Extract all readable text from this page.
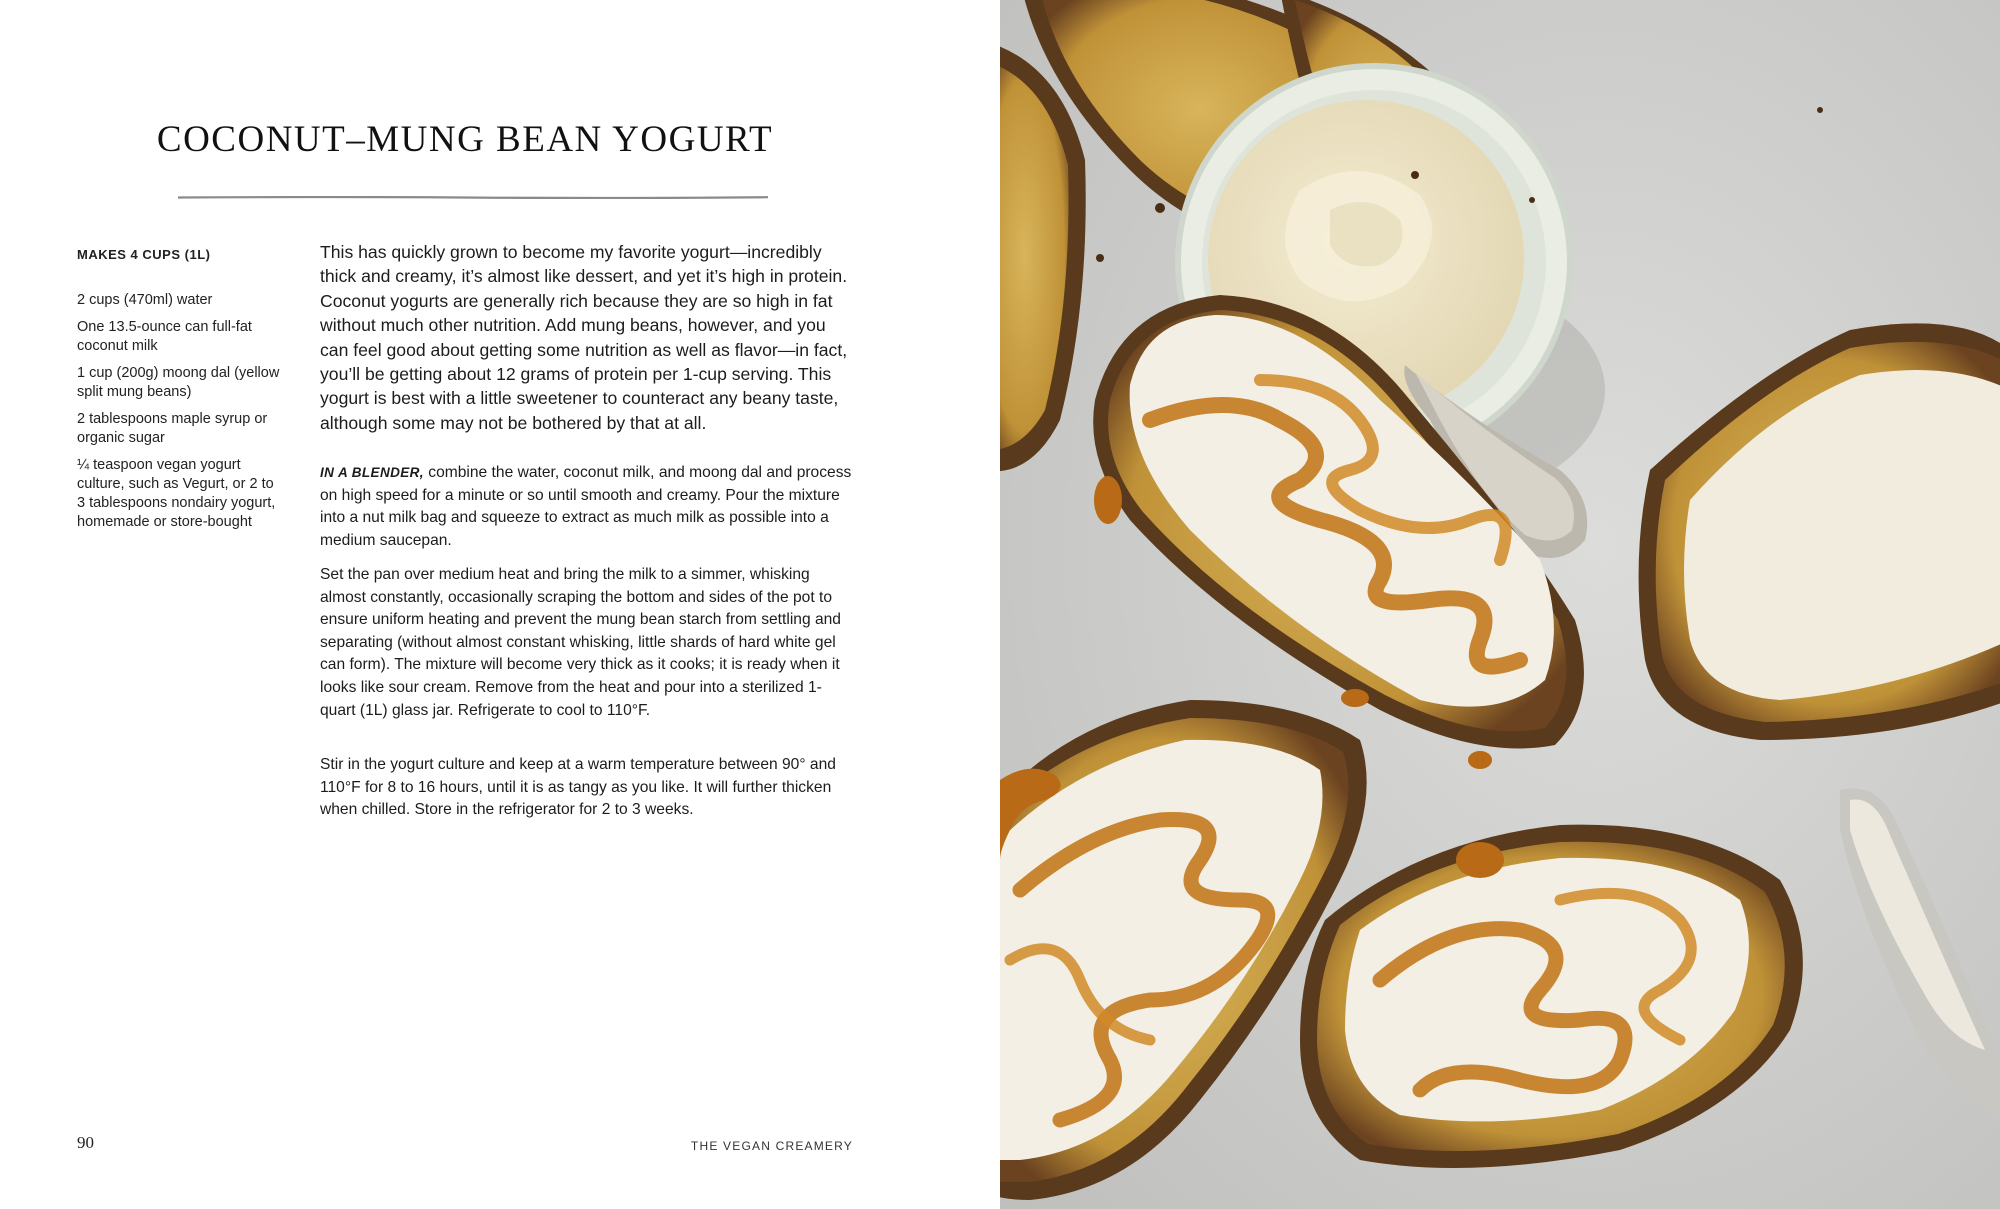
COCONUT–MUNG BEAN YOGURT
MAKES 4 CUPS (1L)
2 cups (470ml) water
One 13.5-ounce can full-fat coconut milk
1 cup (200g) moong dal (yellow split mung beans)
2 tablespoons maple syrup or organic sugar
¼ teaspoon vegan yogurt culture, such as Vegurt, or 2 to 3 tablespoons nondairy yogurt, homemade or store-bought

This has quickly grown to become my favorite yogurt—incredibly thick and creamy, it’s almost like dessert, and yet it’s high in protein. Coconut yogurts are generally rich because they are so high in fat without much other nutrition. Add mung beans, however, and you can feel good about getting some nutrition as well as flavor—in fact, you’ll be getting about 12 grams of protein per 1-cup serving. This yogurt is best with a little sweetener to counteract any beany taste, although some may not be bothered by that at all.

IN A BLENDER, combine the water, coconut milk, and moong dal and process on high speed for a minute or so until smooth and creamy. Pour the mixture into a nut milk bag and squeeze to extract as much milk as possible into a medium saucepan.

Set the pan over medium heat and bring the milk to a simmer, whisking almost constantly, occasionally scraping the bottom and sides of the pot to ensure uniform heating and prevent the mung bean starch from settling and separating (without almost constant whisking, little shards of hard white gel can form). The mixture will become very thick as it cooks; it is ready when it looks like sour cream. Remove from the heat and pour into a sterilized 1-quart (1L) glass jar. Refrigerate to cool to 110°F.

Stir in the yogurt culture and keep at a warm temperature between 90° and 110°F for 8 to 16 hours, until it is as tangy as you like. It will further thicken when chilled. Store in the refrigerator for 2 to 3 weeks.

90	THE VEGAN CREAMERY
